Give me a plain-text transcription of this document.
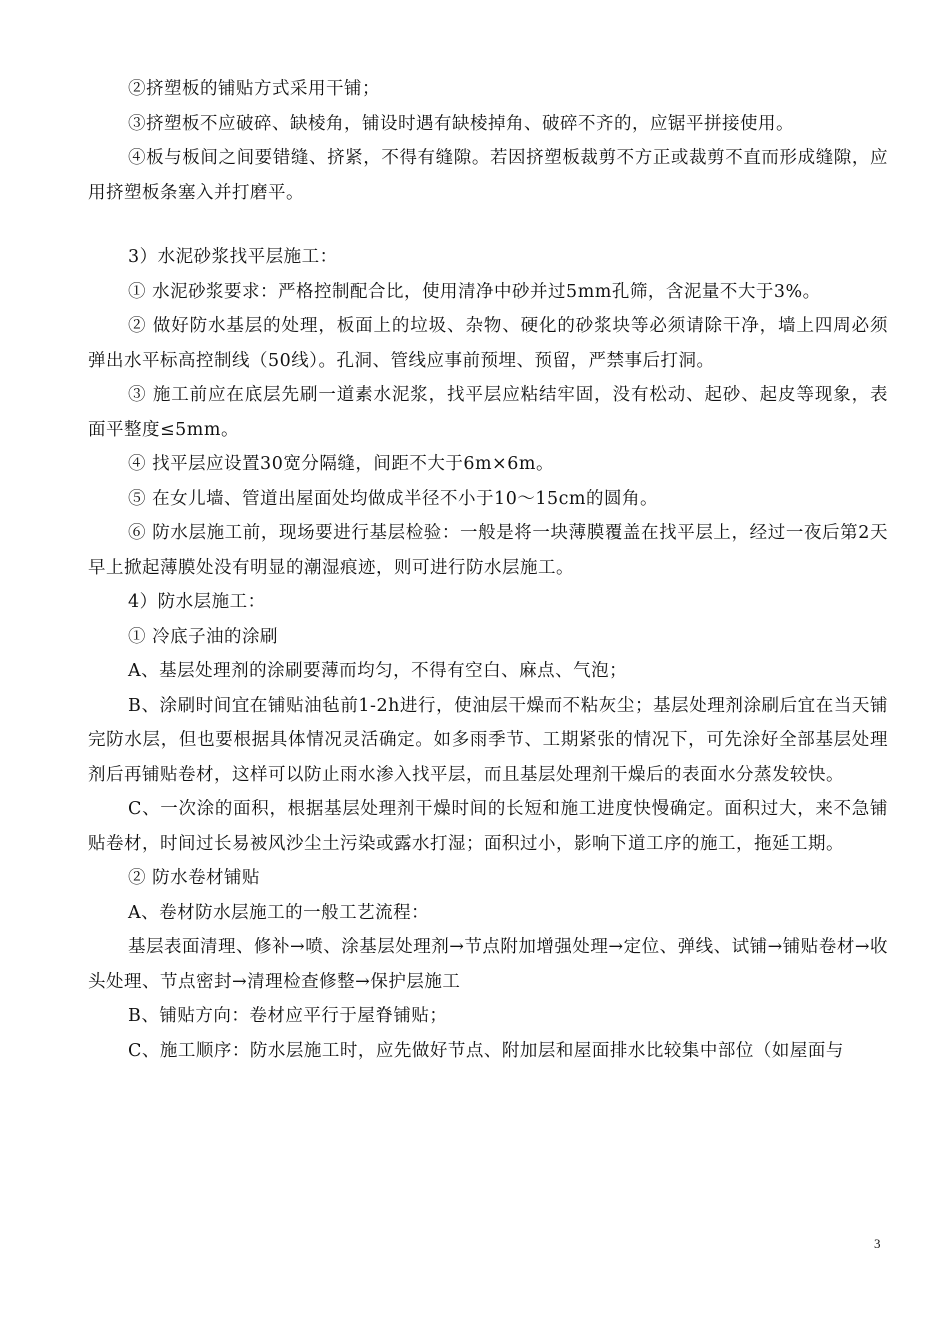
②挤塑板的铺贴方式采用干铺；

③挤塑板不应破碎、缺棱角，铺设时遇有缺棱掉角、破碎不齐的，应锯平拼接使用。

④板与板间之间要错缝、挤紧，不得有缝隙。若因挤塑板裁剪不方正或裁剪不直而形成缝隙，应用挤塑板条塞入并打磨平。

3）水泥砂浆找平层施工：

① 水泥砂浆要求：严格控制配合比，使用清净中砂并过5mm孔筛，含泥量不大于3%。

② 做好防水基层的处理，板面上的垃圾、杂物、硬化的砂浆块等必须请除干净，墙上四周必须弹出水平标高控制线（50线）。孔洞、管线应事前预埋、预留，严禁事后打洞。

③ 施工前应在底层先刷一道素水泥浆，找平层应粘结牢固，没有松动、起砂、起皮等现象，表面平整度≤5mm。

④ 找平层应设置30宽分隔缝，间距不大于6m×6m。

⑤ 在女儿墙、管道出屋面处均做成半径不小于10～15cm的圆角。

⑥ 防水层施工前，现场要进行基层检验：一般是将一块薄膜覆盖在找平层上，经过一夜后第2天早上掀起薄膜处没有明显的潮湿痕迹，则可进行防水层施工。

4）防水层施工：

① 冷底子油的涂刷

A、基层处理剂的涂刷要薄而均匀，不得有空白、麻点、气泡；

B、涂刷时间宜在铺贴油毡前1-2h进行，使油层干燥而不粘灰尘；基层处理剂涂刷后宜在当天铺完防水层，但也要根据具体情况灵活确定。如多雨季节、工期紧张的情况下，可先涂好全部基层处理剂后再铺贴卷材，这样可以防止雨水渗入找平层，而且基层处理剂干燥后的表面水分蒸发较快。

C、一次涂的面积，根据基层处理剂干燥时间的长短和施工进度快慢确定。面积过大，来不急铺贴卷材，时间过长易被风沙尘土污染或露水打湿；面积过小，影响下道工序的施工，拖延工期。

② 防水卷材铺贴

A、卷材防水层施工的一般工艺流程：

基层表面清理、修补→喷、涂基层处理剂→节点附加增强处理→定位、弹线、试铺→铺贴卷材→收头处理、节点密封→清理检查修整→保护层施工

B、铺贴方向：卷材应平行于屋脊铺贴；

C、施工顺序：防水层施工时，应先做好节点、附加层和屋面排水比较集中部位（如屋面与

3
